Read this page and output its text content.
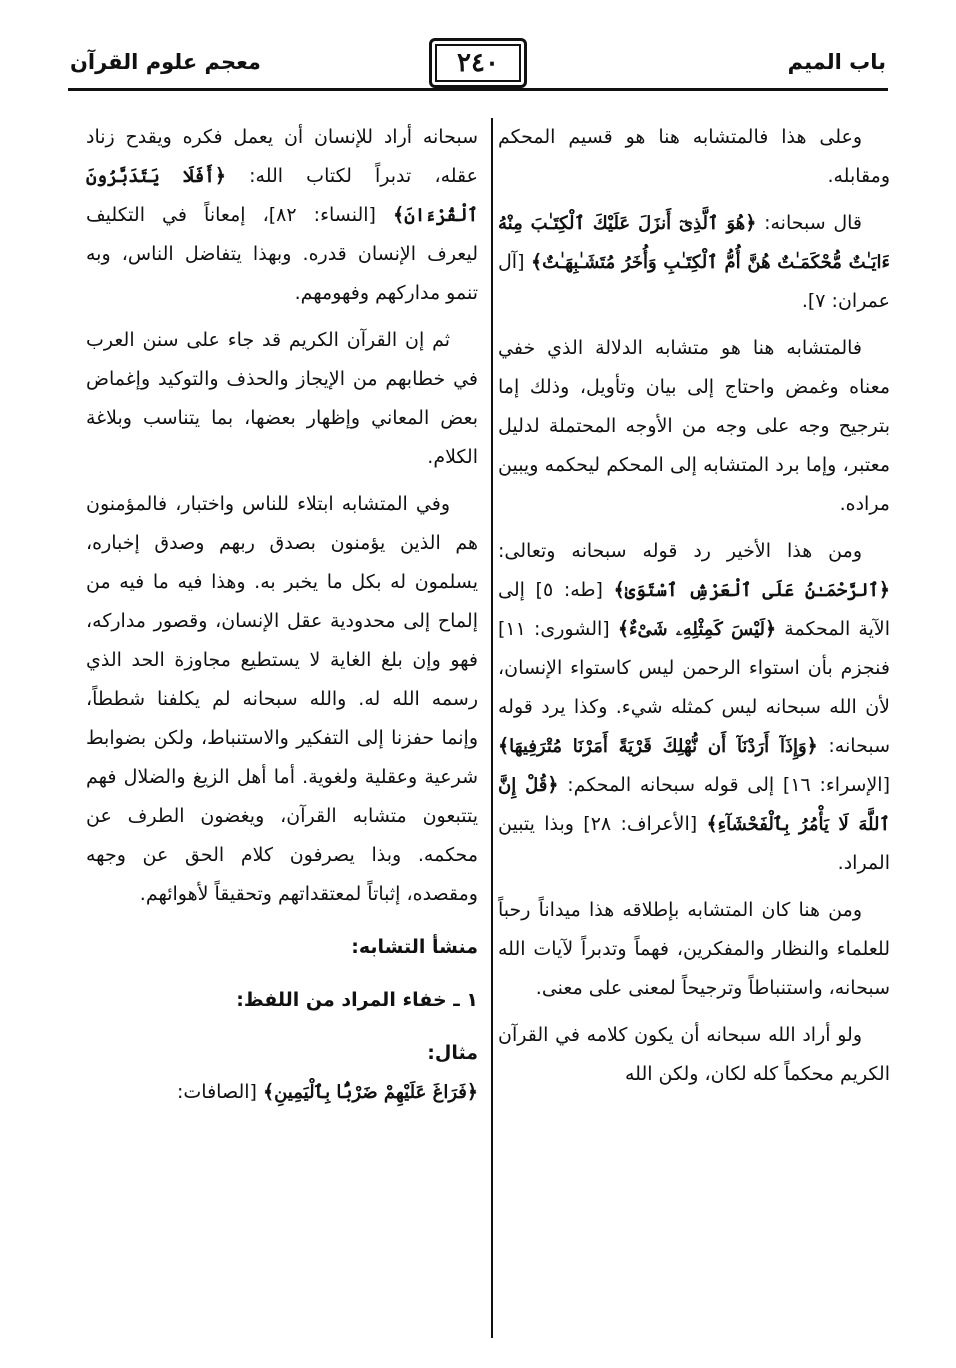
باب الميم
معجم علوم القرآن	٢٤٠

وعلى هذا فالمتشابه هنا هو قسيم المحكم ومقابله.

قال سبحانه: ﴿هُوَ ٱلَّذِىٓ أَنزَلَ عَلَيْكَ ٱلْكِتَـٰبَ مِنْهُ ءَايَـٰتٌ مُّحْكَمَـٰتٌ هُنَّ أُمُّ ٱلْكِتَـٰبِ وَأُخَرُ مُتَشَـٰبِهَـٰتٌ﴾ [آل عمران: ٧].

فالمتشابه هنا هو متشابه الدلالة الذي خفي معناه وغمض واحتاج إلى بيان وتأويل، وذلك إما بترجيح وجه على وجه من الأوجه المحتملة لدليل معتبر، وإما برد المتشابه إلى المحكم ليحكمه ويبين مراده.

ومن هذا الأخير رد قوله سبحانه وتعالى: ﴿ٱلرَّحْمَـٰنُ عَلَى ٱلْعَرْشِ ٱسْتَوَىٰ﴾ [طه: ٥] إلى الآية المحكمة ﴿لَيْسَ كَمِثْلِهِۦ شَىْءٌ﴾ [الشورى: ١١] فنجزم بأن استواء الرحمن ليس كاستواء الإنسان، لأن الله سبحانه ليس كمثله شيء. وكذا يرد قوله سبحانه: ﴿وَإِذَآ أَرَدْنَآ أَن نُّهْلِكَ قَرْيَةً أَمَرْنَا مُتْرَفِيهَا﴾ [الإسراء: ١٦] إلى قوله سبحانه المحكم: ﴿قُلْ إِنَّ ٱللَّهَ لَا يَأْمُرُ بِٱلْفَحْشَآءِ﴾ [الأعراف: ٢٨] وبذا يتبين المراد.

ومن هنا كان المتشابه بإطلاقه هذا ميداناً رحباً للعلماء والنظار والمفكرين، فهماً وتدبراً لآيات الله سبحانه، واستنباطاً وترجيحاً لمعنى على معنى.

ولو أراد الله سبحانه أن يكون كلامه في القرآن الكريم محكماً كله لكان، ولكن الله

سبحانه أراد للإنسان أن يعمل فكره ويقدح زناد عقله، تدبراً لكتاب الله: ﴿أَفَلَا يَتَدَبَّرُونَ ٱلْقُرْءَانَ﴾ [النساء: ٨٢]، إمعاناً في التكليف ليعرف الإنسان قدره. وبهذا يتفاضل الناس، وبه تنمو مداركهم وفهومهم.

ثم إن القرآن الكريم قد جاء على سنن العرب في خطابهم من الإيجاز والحذف والتوكيد وإغماض بعض المعاني وإظهار بعضها، بما يتناسب وبلاغة الكلام.

وفي المتشابه ابتلاء للناس واختبار، فالمؤمنون هم الذين يؤمنون بصدق ربهم وصدق إخباره، يسلمون له بكل ما يخبر به. وهذا فيه ما فيه من إلماح إلى محدودية عقل الإنسان، وقصور مداركه، فهو وإن بلغ الغاية لا يستطيع مجاوزة الحد الذي رسمه الله له. والله سبحانه لم يكلفنا شططاً، وإنما حفزنا إلى التفكير والاستنباط، ولكن بضوابط شرعية وعقلية ولغوية. أما أهل الزيغ والضلال فهم يتتبعون متشابه القرآن، ويغضون الطرف عن محكمه. وبذا يصرفون كلام الحق عن وجهه ومقصده، إثباتاً لمعتقداتهم وتحقيقاً لأهوائهم.

منشأ التشابه:

١ ـ خفاء المراد من اللفظ:

مثال:

﴿فَرَاغَ عَلَيْهِمْ ضَرْبًۢا بِٱلْيَمِينِ﴾ [الصافات:
